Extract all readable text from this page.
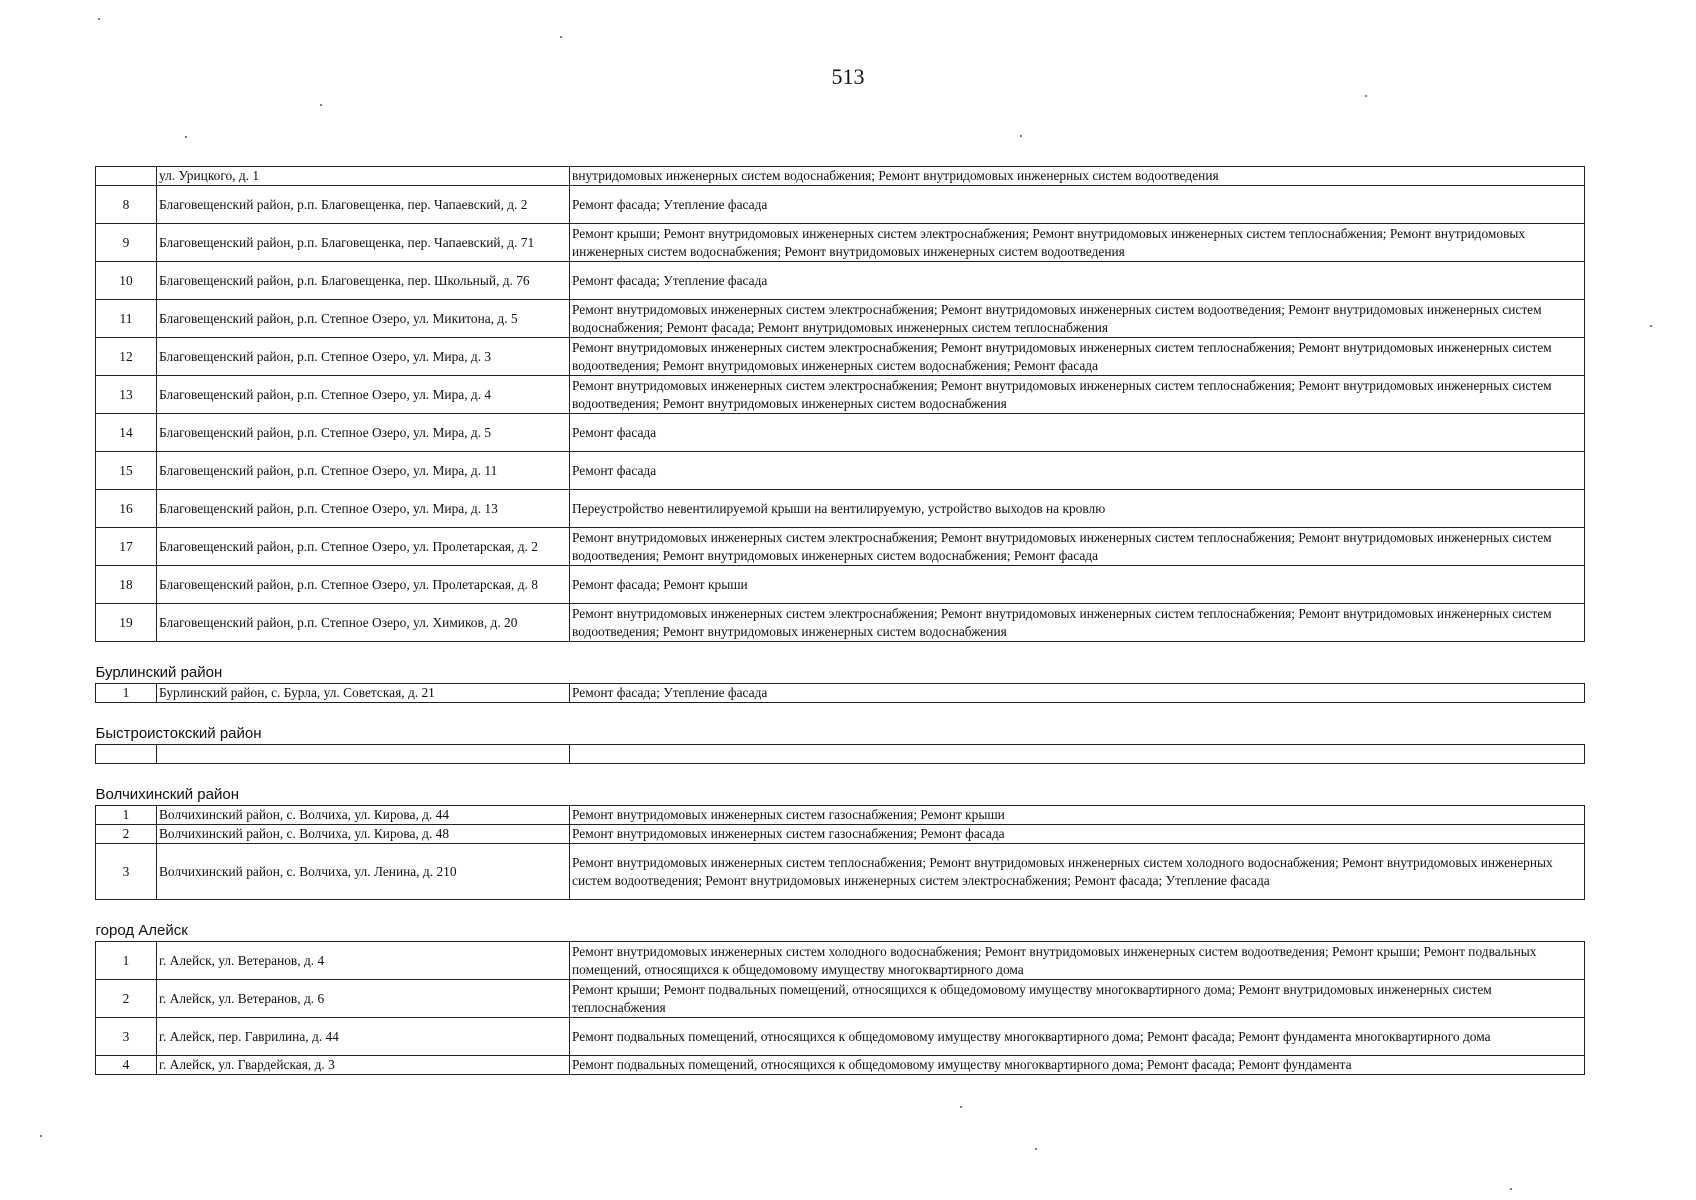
513
	ул. Урицкого, д. 1	внутридомовых инженерных систем водоснабжения; Ремонт внутридомовых инженерных систем водоотведения
8	Благовещенский район, р.п. Благовещенка, пер. Чапаевский, д. 2	Ремонт фасада; Утепление фасада
9	Благовещенский район, р.п. Благовещенка, пер. Чапаевский, д. 71	Ремонт крыши; Ремонт внутридомовых инженерных систем электроснабжения; Ремонт внутридомовых инженерных систем теплоснабжения; Ремонт внутридомовых инженерных систем водоснабжения; Ремонт внутридомовых инженерных систем водоотведения
10	Благовещенский район, р.п. Благовещенка, пер. Школьный, д. 76	Ремонт фасада; Утепление фасада
11	Благовещенский район, р.п. Степное Озеро, ул. Микитона, д. 5	Ремонт внутридомовых инженерных систем электроснабжения; Ремонт внутридомовых инженерных систем водоотведения; Ремонт внутридомовых инженерных систем водоснабжения; Ремонт фасада; Ремонт внутридомовых инженерных систем теплоснабжения
12	Благовещенский район, р.п. Степное Озеро, ул. Мира, д. 3	Ремонт внутридомовых инженерных систем электроснабжения; Ремонт внутридомовых инженерных систем теплоснабжения; Ремонт внутридомовых инженерных систем водоотведения; Ремонт внутридомовых инженерных систем водоснабжения; Ремонт фасада
13	Благовещенский район, р.п. Степное Озеро, ул. Мира, д. 4	Ремонт внутридомовых инженерных систем электроснабжения; Ремонт внутридомовых инженерных систем теплоснабжения; Ремонт внутридомовых инженерных систем водоотведения; Ремонт внутридомовых инженерных систем водоснабжения
14	Благовещенский район, р.п. Степное Озеро, ул. Мира, д. 5	Ремонт фасада
15	Благовещенский район, р.п. Степное Озеро, ул. Мира, д. 11	Ремонт фасада
16	Благовещенский район, р.п. Степное Озеро, ул. Мира, д. 13	Переустройство невентилируемой крыши на вентилируемую, устройство выходов на кровлю
17	Благовещенский район, р.п. Степное Озеро, ул. Пролетарская, д. 2	Ремонт внутридомовых инженерных систем электроснабжения; Ремонт внутридомовых инженерных систем теплоснабжения; Ремонт внутридомовых инженерных систем водоотведения; Ремонт внутридомовых инженерных систем водоснабжения; Ремонт фасада
18	Благовещенский район, р.п. Степное Озеро, ул. Пролетарская, д. 8	Ремонт фасада; Ремонт крыши
19	Благовещенский район, р.п. Степное Озеро, ул. Химиков, д. 20	Ремонт внутридомовых инженерных систем электроснабжения; Ремонт внутридомовых инженерных систем теплоснабжения; Ремонт внутридомовых инженерных систем водоотведения; Ремонт внутридомовых инженерных систем водоснабжения
Бурлинский район		
1	Бурлинский район, с. Бурла, ул. Советская, д. 21	Ремонт фасада; Утепление фасада
Быстроистокский район		

Волчихинский район		
1	Волчихинский район, с. Волчиха, ул. Кирова, д. 44	Ремонт внутридомовых инженерных систем газоснабжения; Ремонт крыши
2	Волчихинский район, с. Волчиха, ул. Кирова, д. 48	Ремонт внутридомовых инженерных систем газоснабжения; Ремонт фасада
3	Волчихинский район, с. Волчиха, ул. Ленина, д. 210	Ремонт внутридомовых инженерных систем теплоснабжения; Ремонт внутридомовых инженерных систем холодного водоснабжения; Ремонт внутридомовых инженерных систем водоотведения; Ремонт внутридомовых инженерных систем электроснабжения; Ремонт фасада; Утепление фасада
город Алейск		
1	г. Алейск, ул. Ветеранов, д. 4	Ремонт внутридомовых инженерных систем холодного водоснабжения; Ремонт внутридомовых инженерных систем водоотведения; Ремонт крыши; Ремонт подвальных помещений, относящихся к общедомовому имуществу многоквартирного дома
2	г. Алейск, ул. Ветеранов, д. 6	Ремонт крыши; Ремонт подвальных помещений, относящихся к общедомовому имуществу многоквартирного дома; Ремонт внутридомовых инженерных систем теплоснабжения
3	г. Алейск, пер. Гаврилина, д. 44	Ремонт подвальных помещений, относящихся к общедомовому имуществу многоквартирного дома; Ремонт фасада; Ремонт фундамента многоквартирного дома
4	г. Алейск, ул. Гвардейская, д. 3	Ремонт подвальных помещений, относящихся к общедомовому имуществу многоквартирного дома; Ремонт фасада; Ремонт фундамента
